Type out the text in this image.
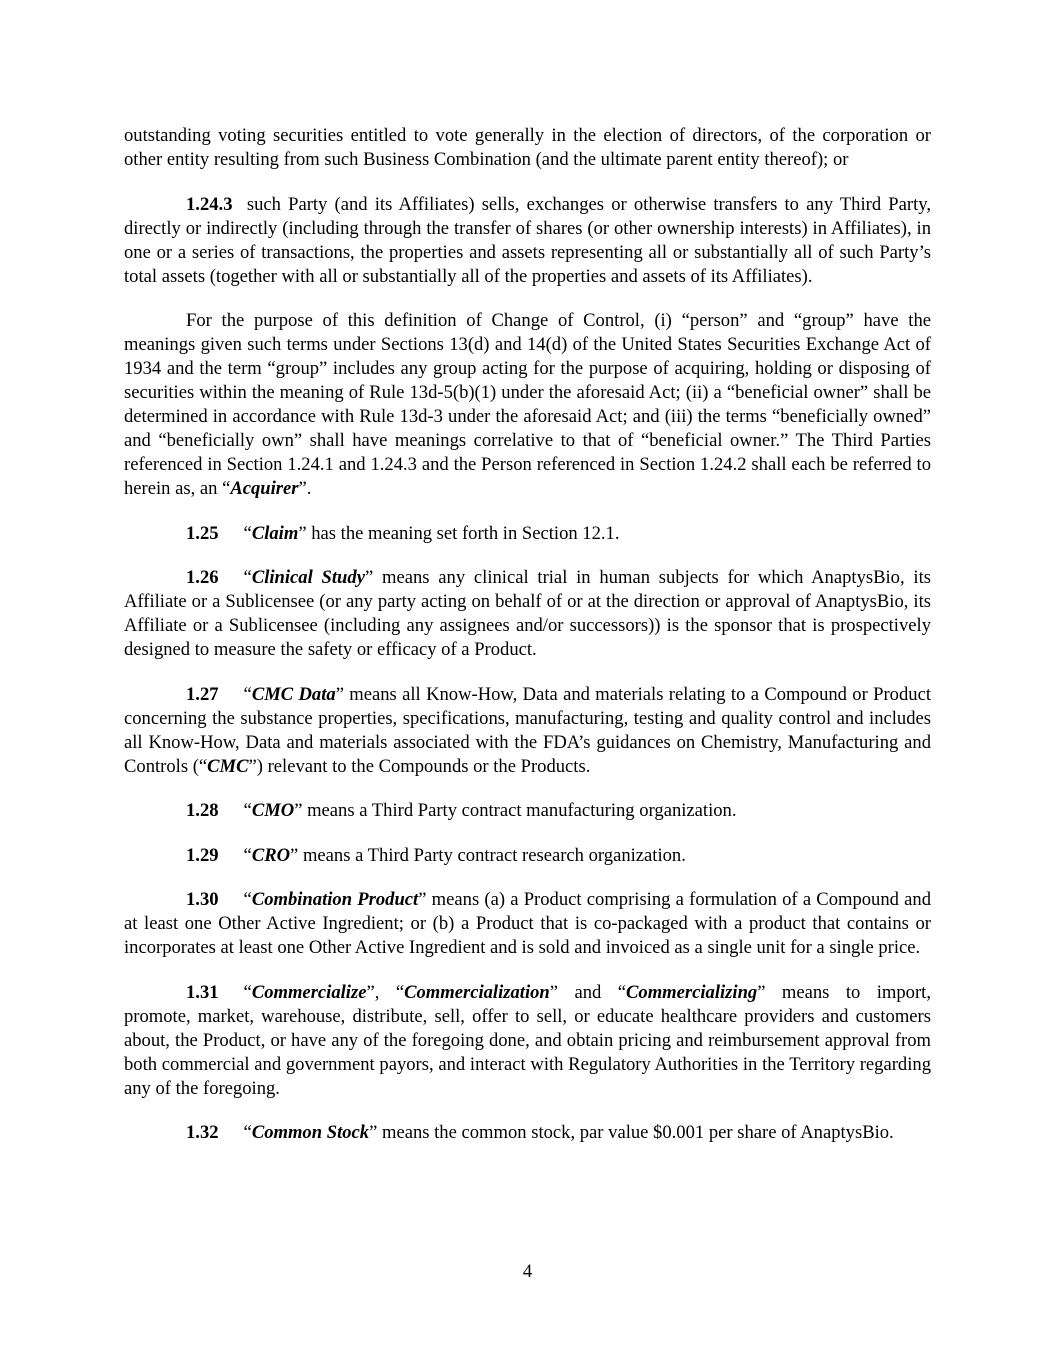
outstanding voting securities entitled to vote generally in the election of directors, of the corporation or other entity resulting from such Business Combination (and the ultimate parent entity thereof); or

1.24.3 such Party (and its Affiliates) sells, exchanges or otherwise transfers to any Third Party, directly or indirectly (including through the transfer of shares (or other ownership interests) in Affiliates), in one or a series of transactions, the properties and assets representing all or substantially all of such Party’s total assets (together with all or substantially all of the properties and assets of its Affiliates).

For the purpose of this definition of Change of Control, (i) “person” and “group” have the meanings given such terms under Sections 13(d) and 14(d) of the United States Securities Exchange Act of 1934 and the term “group” includes any group acting for the purpose of acquiring, holding or disposing of securities within the meaning of Rule 13d-5(b)(1) under the aforesaid Act; (ii) a “beneficial owner” shall be determined in accordance with Rule 13d-3 under the aforesaid Act; and (iii) the terms “beneficially owned” and “beneficially own” shall have meanings correlative to that of “beneficial owner.” The Third Parties referenced in Section 1.24.1 and 1.24.3 and the Person referenced in Section 1.24.2 shall each be referred to herein as, an “Acquirer”.

1.25 “Claim” has the meaning set forth in Section 12.1.

1.26 “Clinical Study” means any clinical trial in human subjects for which AnaptysBio, its Affiliate or a Sublicensee (or any party acting on behalf of or at the direction or approval of AnaptysBio, its Affiliate or a Sublicensee (including any assignees and/or successors)) is the sponsor that is prospectively designed to measure the safety or efficacy of a Product.

1.27 “CMC Data” means all Know-How, Data and materials relating to a Compound or Product concerning the substance properties, specifications, manufacturing, testing and quality control and includes all Know-How, Data and materials associated with the FDA’s guidances on Chemistry, Manufacturing and Controls (“CMC”) relevant to the Compounds or the Products.

1.28 “CMO” means a Third Party contract manufacturing organization.

1.29 “CRO” means a Third Party contract research organization.

1.30 “Combination Product” means (a) a Product comprising a formulation of a Compound and at least one Other Active Ingredient; or (b) a Product that is co-packaged with a product that contains or incorporates at least one Other Active Ingredient and is sold and invoiced as a single unit for a single price.

1.31 “Commercialize”, “Commercialization” and “Commercializing” means to import, promote, market, warehouse, distribute, sell, offer to sell, or educate healthcare providers and customers about, the Product, or have any of the foregoing done, and obtain pricing and reimbursement approval from both commercial and government payors, and interact with Regulatory Authorities in the Territory regarding any of the foregoing.

1.32 “Common Stock” means the common stock, par value $0.001 per share of AnaptysBio.

4
